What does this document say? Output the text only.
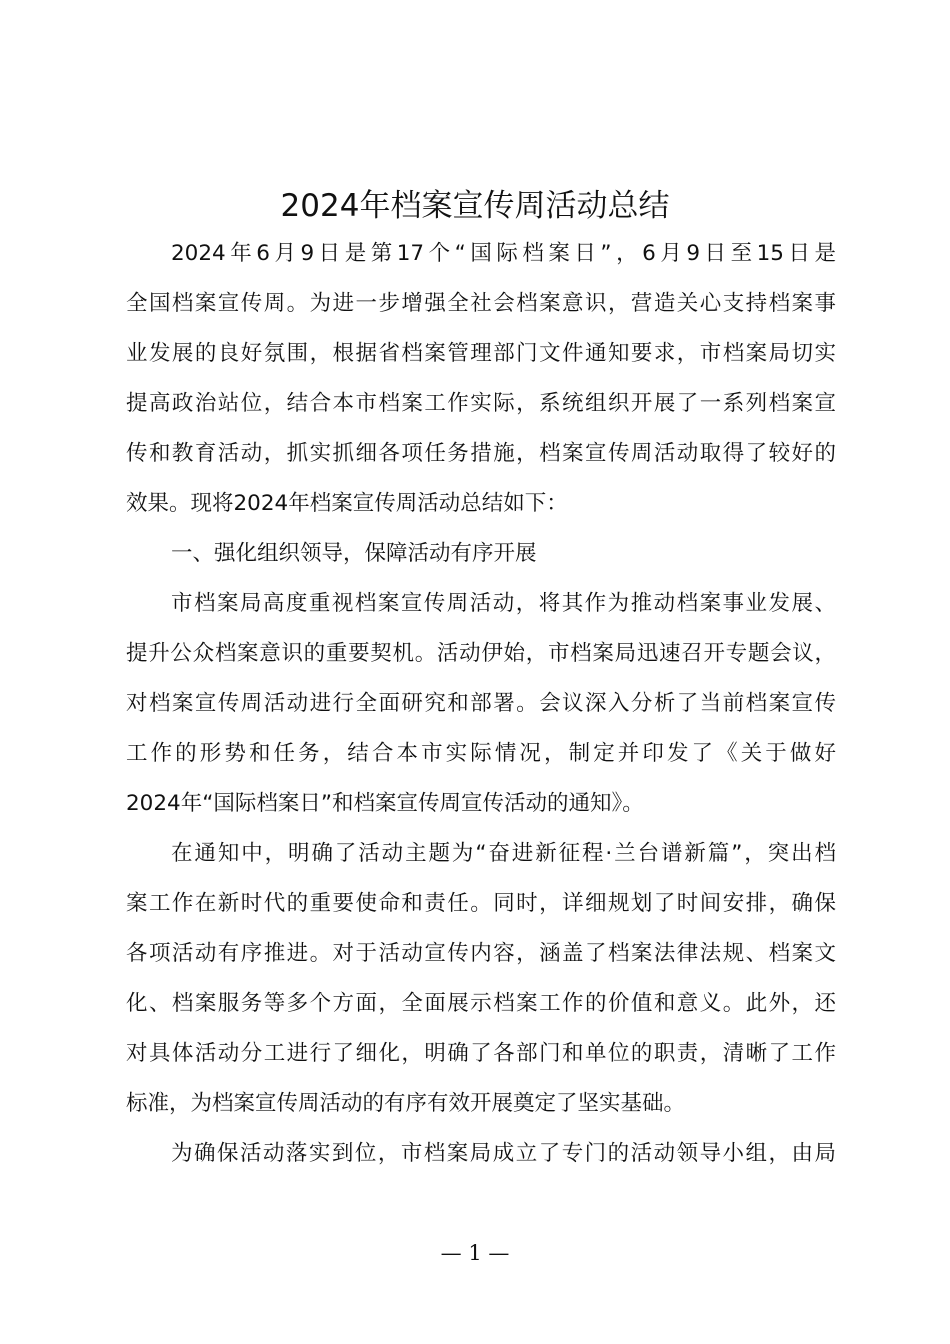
2024年档案宣传周活动总结
2024年6月9日是第17个“国际档案日”，6月9日至15日是
全国档案宣传周。为进一步增强全社会档案意识，营造关心支持档案事
业发展的良好氛围，根据省档案管理部门文件通知要求，市档案局切实
提高政治站位，结合本市档案工作实际，系统组织开展了一系列档案宣
传和教育活动，抓实抓细各项任务措施，档案宣传周活动取得了较好的
效果。现将2024年档案宣传周活动总结如下：
一、强化组织领导，保障活动有序开展
市档案局高度重视档案宣传周活动，将其作为推动档案事业发展、
提升公众档案意识的重要契机。活动伊始，市档案局迅速召开专题会议，
对档案宣传周活动进行全面研究和部署。会议深入分析了当前档案宣传
工作的形势和任务，结合本市实际情况，制定并印发了《关于做好
2024年“国际档案日”和档案宣传周宣传活动的通知》。
在通知中，明确了活动主题为“奋进新征程·兰台谱新篇”，突出档
案工作在新时代的重要使命和责任。同时，详细规划了时间安排，确保
各项活动有序推进。对于活动宣传内容，涵盖了档案法律法规、档案文
化、档案服务等多个方面，全面展示档案工作的价值和意义。此外，还
对具体活动分工进行了细化，明确了各部门和单位的职责，清晰了工作
标准，为档案宣传周活动的有序有效开展奠定了坚实基础。
为确保活动落实到位，市档案局成立了专门的活动领导小组，由局
— 1 —
